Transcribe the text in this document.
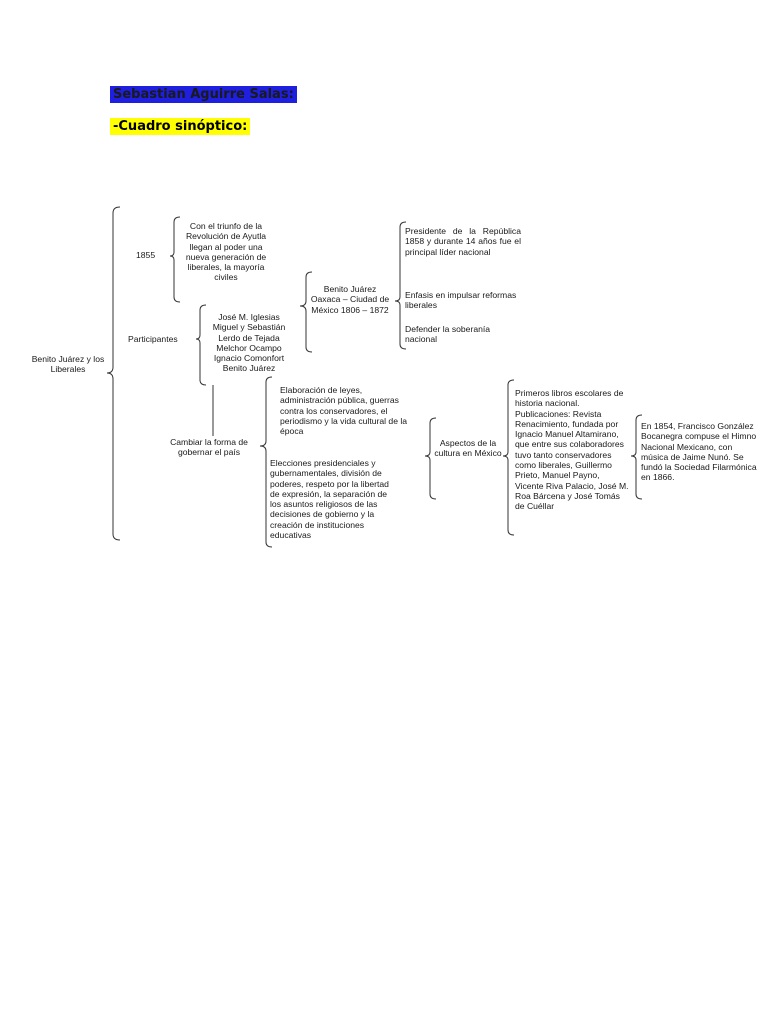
Sebastian Aguirre Salas:
-Cuadro sinóptico:
Benito Juárez y los Liberales
1855
Con el triunfo de la Revolución de Ayutla llegan al poder una nueva generación de liberales, la mayoría civiles
Participantes
José M. Iglesias Miguel y Sebastián Lerdo de Tejada Melchor Ocampo Ignacio Comonfort Benito Juárez
Benito Juárez Oaxaca – Ciudad de México 1806 – 1872
Presidente de la República 1858 y durante 14 años fue el principal líder nacional
Enfasis en impulsar reformas liberales
Defender la soberanía nacional
Cambiar la forma de gobernar el país
Elaboración de leyes, administración pública, guerras contra los conservadores, el periodismo y la vida cultural de la época
Elecciones presidenciales y gubernamentales, división de poderes, respeto por la libertad de expresión, la separación de los asuntos religiosos de las decisiones de gobierno y la creación de instituciones educativas
Aspectos de la cultura en México
Primeros libros escolares de historia nacional. Publicaciones: Revista Renacimiento, fundada por Ignacio Manuel Altamirano, que entre sus colaboradores tuvo tanto conservadores como liberales, Guillermo Prieto, Manuel Payno, Vicente Riva Palacio, José M. Roa Bárcena y José Tomás de Cuéllar
En 1854, Francisco González Bocanegra compuse el Himno Nacional Mexicano, con música de Jaime Nunó. Se fundó la Sociedad Filarmónica en 1866.
